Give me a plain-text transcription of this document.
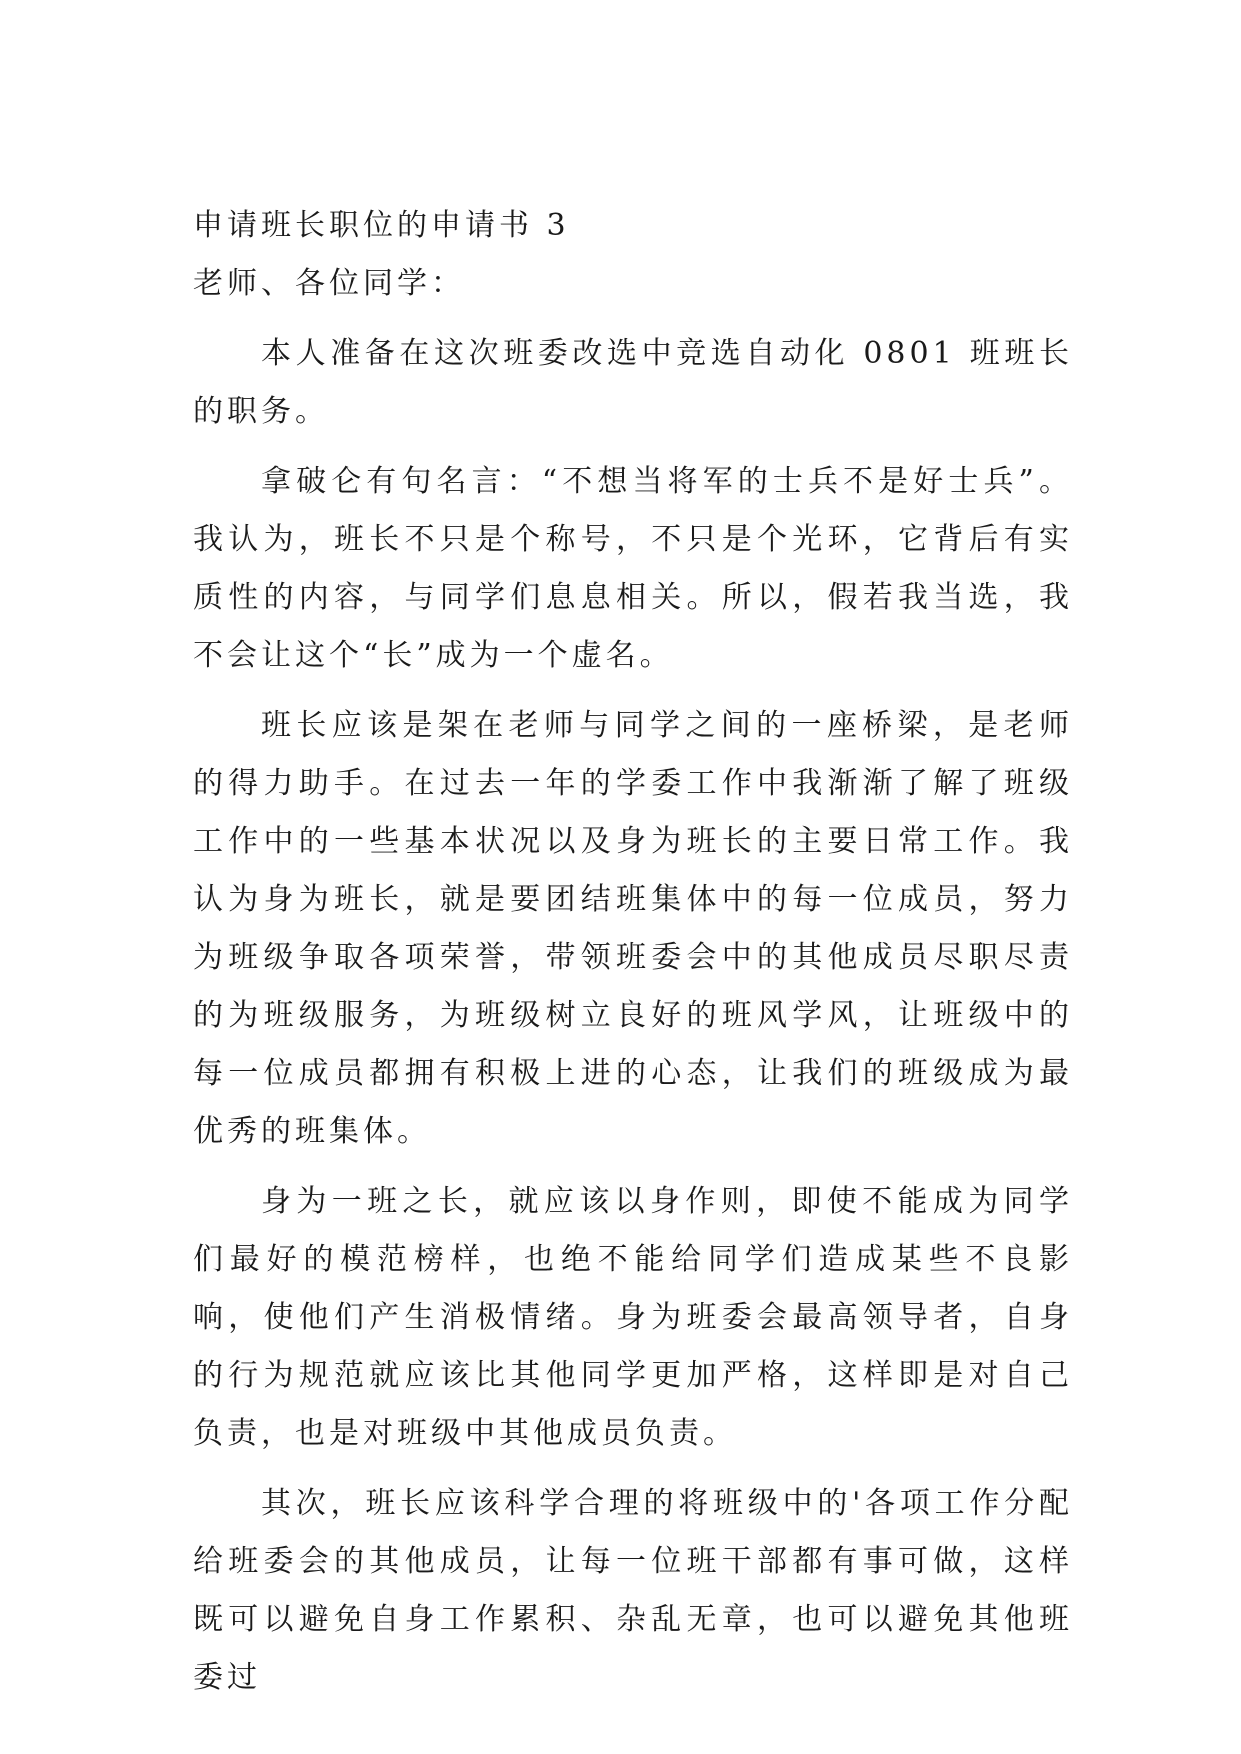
申请班长职位的申请书 3

老师、各位同学：

本人准备在这次班委改选中竞选自动化 0801 班班长的职务。

拿破仑有句名言：“不想当将军的士兵不是好士兵”。我认为，班长不只是个称号，不只是个光环，它背后有实质性的内容，与同学们息息相关。所以，假若我当选，我不会让这个“长”成为一个虚名。

班长应该是架在老师与同学之间的一座桥梁，是老师的得力助手。在过去一年的学委工作中我渐渐了解了班级工作中的一些基本状况以及身为班长的主要日常工作。我认为身为班长，就是要团结班集体中的每一位成员，努力为班级争取各项荣誉，带领班委会中的其他成员尽职尽责的为班级服务，为班级树立良好的班风学风，让班级中的每一位成员都拥有积极上进的心态，让我们的班级成为最优秀的班集体。

身为一班之长，就应该以身作则，即使不能成为同学们最好的模范榜样，也绝不能给同学们造成某些不良影响，使他们产生消极情绪。身为班委会最高领导者，自身的行为规范就应该比其他同学更加严格，这样即是对自己负责，也是对班级中其他成员负责。

其次，班长应该科学合理的将班级中的'各项工作分配给班委会的其他成员，让每一位班干部都有事可做，这样既可以避免自身工作累积、杂乱无章，也可以避免其他班委过
